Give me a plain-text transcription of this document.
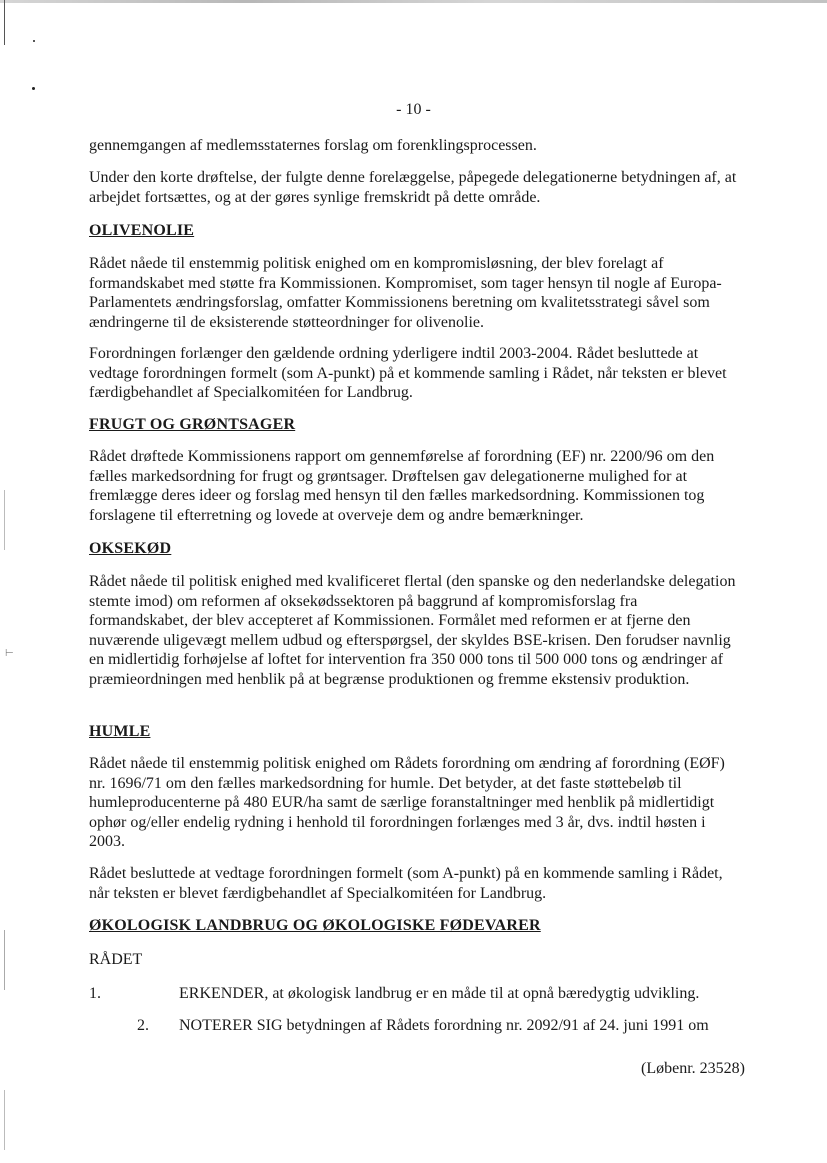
⊢
- 10 -

gennemgangen af medlemsstaternes forslag om forenklingsprocessen.

Under den korte drøftelse, der fulgte denne forelæggelse, påpegede delegationerne betydningen af, at arbejdet fortsættes, og at der gøres synlige fremskridt på dette område.

OLIVENOLIE

Rådet nåede til enstemmig politisk enighed om en kompromisløsning, der blev forelagt af formandskabet med støtte fra Kommissionen. Kompromiset, som tager hensyn til nogle af Europa-Parlamentets ændringsforslag, omfatter Kommissionens beretning om kvalitetsstrategi såvel som ændringerne til de eksisterende støtteordninger for olivenolie.

Forordningen forlænger den gældende ordning yderligere indtil 2003-2004. Rådet besluttede at vedtage forordningen formelt (som A-punkt) på et kommende samling i Rådet, når teksten er blevet færdigbehandlet af Specialkomitéen for Landbrug.

FRUGT OG GRØNTSAGER

Rådet drøftede Kommissionens rapport om gennemførelse af forordning (EF) nr. 2200/96 om den fælles markedsordning for frugt og grøntsager. Drøftelsen gav delegationerne mulighed for at fremlægge deres ideer og forslag med hensyn til den fælles markedsordning. Kommissionen tog forslagene til efterretning og lovede at overveje dem og andre bemærkninger.

OKSEKØD

Rådet nåede til politisk enighed med kvalificeret flertal (den spanske og den nederlandske delegation stemte imod) om reformen af oksekødssektoren på baggrund af kompromisforslag fra formandskabet, der blev accepteret af Kommissionen. Formålet med reformen er at fjerne den nuværende uligevægt mellem udbud og efterspørgsel, der skyldes BSE-krisen. Den forudser navnlig en midlertidig forhøjelse af loftet for intervention fra 350 000 tons til 500 000 tons og ændringer af præmieordningen med henblik på at begrænse produktionen og fremme ekstensiv produktion.

HUMLE

Rådet nåede til enstemmig politisk enighed om Rådets forordning om ændring af forordning (EØF) nr. 1696/71 om den fælles markedsordning for humle. Det betyder, at det faste støttebeløb til humleproducenterne på 480 EUR/ha samt de særlige foranstaltninger med henblik på midlertidigt ophør og/eller endelig rydning i henhold til forordningen forlænges med 3 år, dvs. indtil høsten i 2003.

Rådet besluttede at vedtage forordningen formelt (som A-punkt) på en kommende samling i Rådet, når teksten er blevet færdigbehandlet af Specialkomitéen for Landbrug.

ØKOLOGISK LANDBRUG OG ØKOLOGISKE FØDEVARER

RÅDET

1.	ERKENDER, at økologisk landbrug er en måde til at opnå bæredygtig udvikling.

2. NOTERER SIG betydningen af Rådets forordning nr. 2092/91 af 24. juni 1991 om

(Løbenr. 23528)
